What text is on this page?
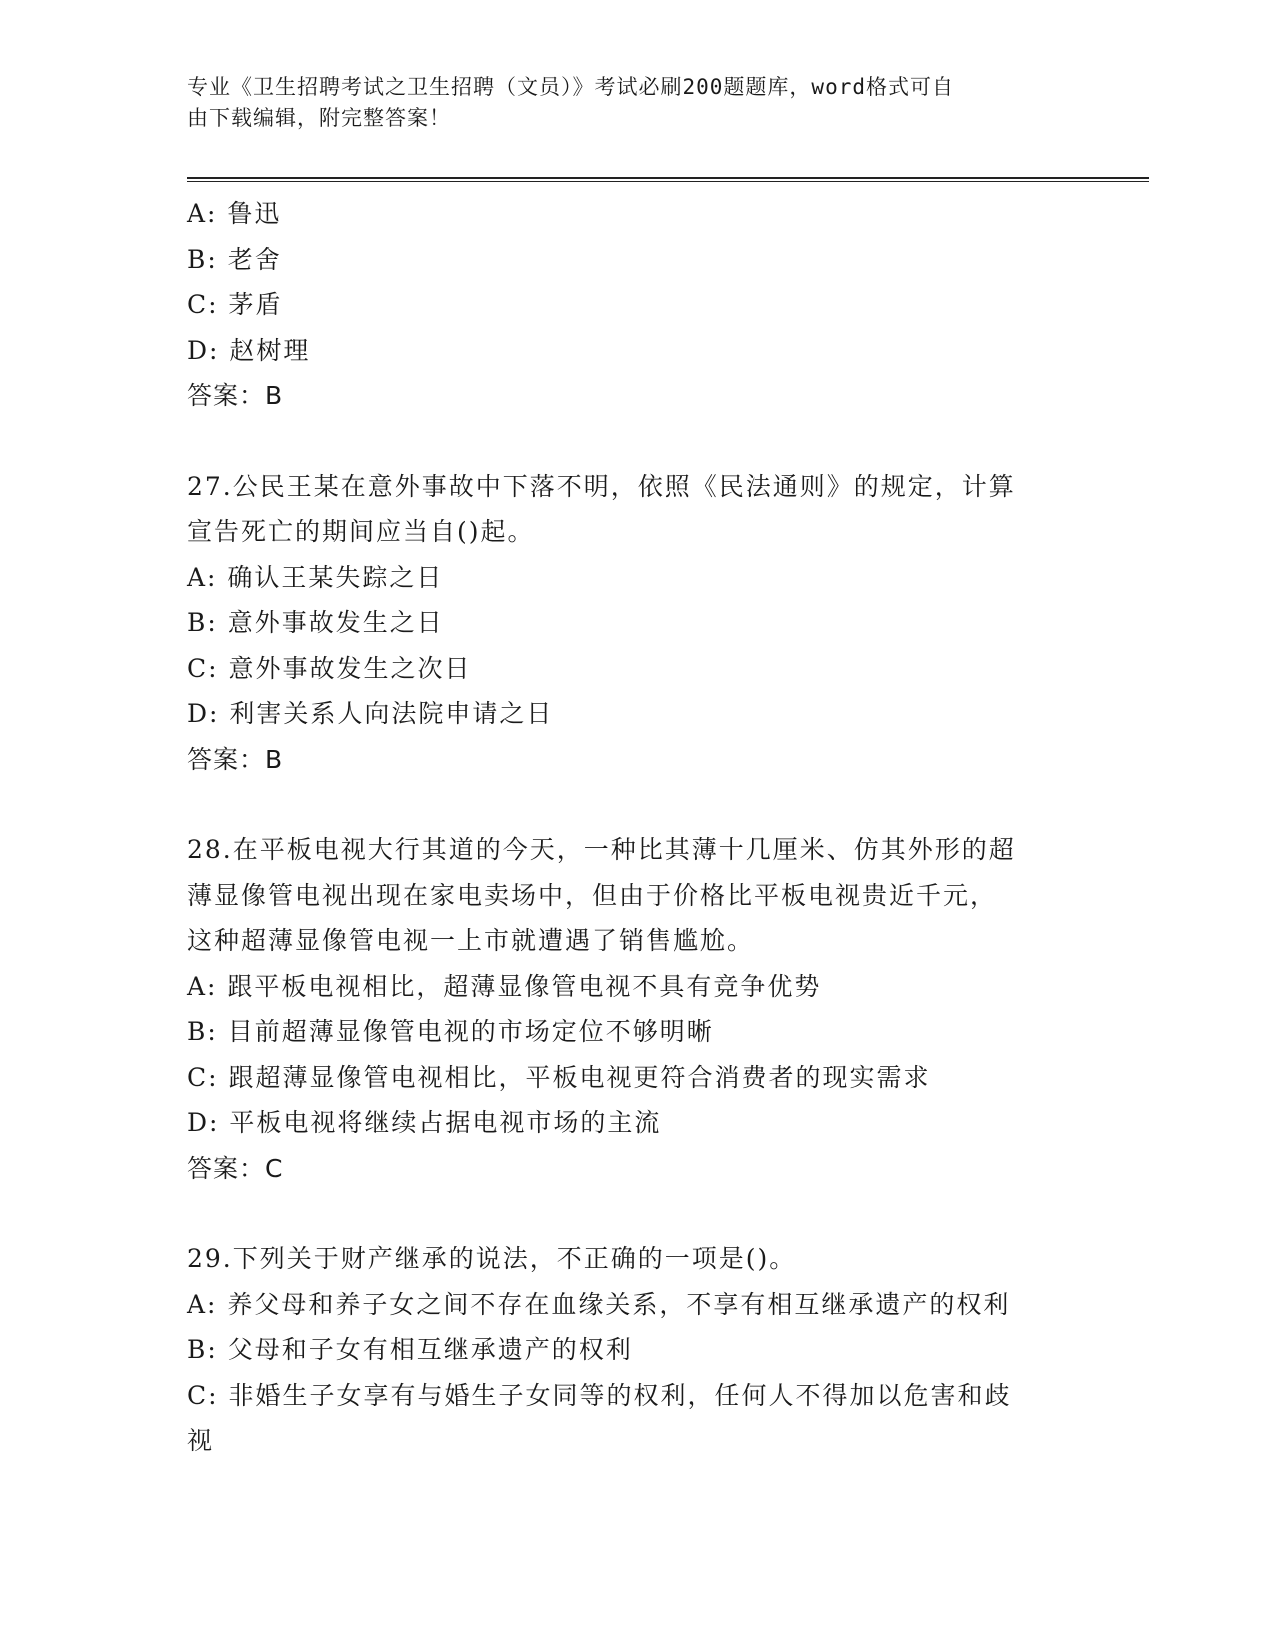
专业《卫生招聘考试之卫生招聘（文员）》考试必刷200题题库，word格式可自
由下载编辑，附完整答案！
A: 鲁迅
B: 老舍
C: 茅盾
D: 赵树理
答案：B
27.公民王某在意外事故中下落不明，依照《民法通则》的规定，计算
宣告死亡的期间应当自()起。
A: 确认王某失踪之日
B: 意外事故发生之日
C: 意外事故发生之次日
D: 利害关系人向法院申请之日
答案：B
28.在平板电视大行其道的今天，一种比其薄十几厘米、仿其外形的超
薄显像管电视出现在家电卖场中，但由于价格比平板电视贵近千元，
这种超薄显像管电视一上市就遭遇了销售尴尬。
A: 跟平板电视相比，超薄显像管电视不具有竞争优势
B: 目前超薄显像管电视的市场定位不够明晰
C: 跟超薄显像管电视相比，平板电视更符合消费者的现实需求
D: 平板电视将继续占据电视市场的主流
答案：C
29.下列关于财产继承的说法，不正确的一项是()。
A: 养父母和养子女之间不存在血缘关系，不享有相互继承遗产的权利
B: 父母和子女有相互继承遗产的权利
C: 非婚生子女享有与婚生子女同等的权利，任何人不得加以危害和歧
视
